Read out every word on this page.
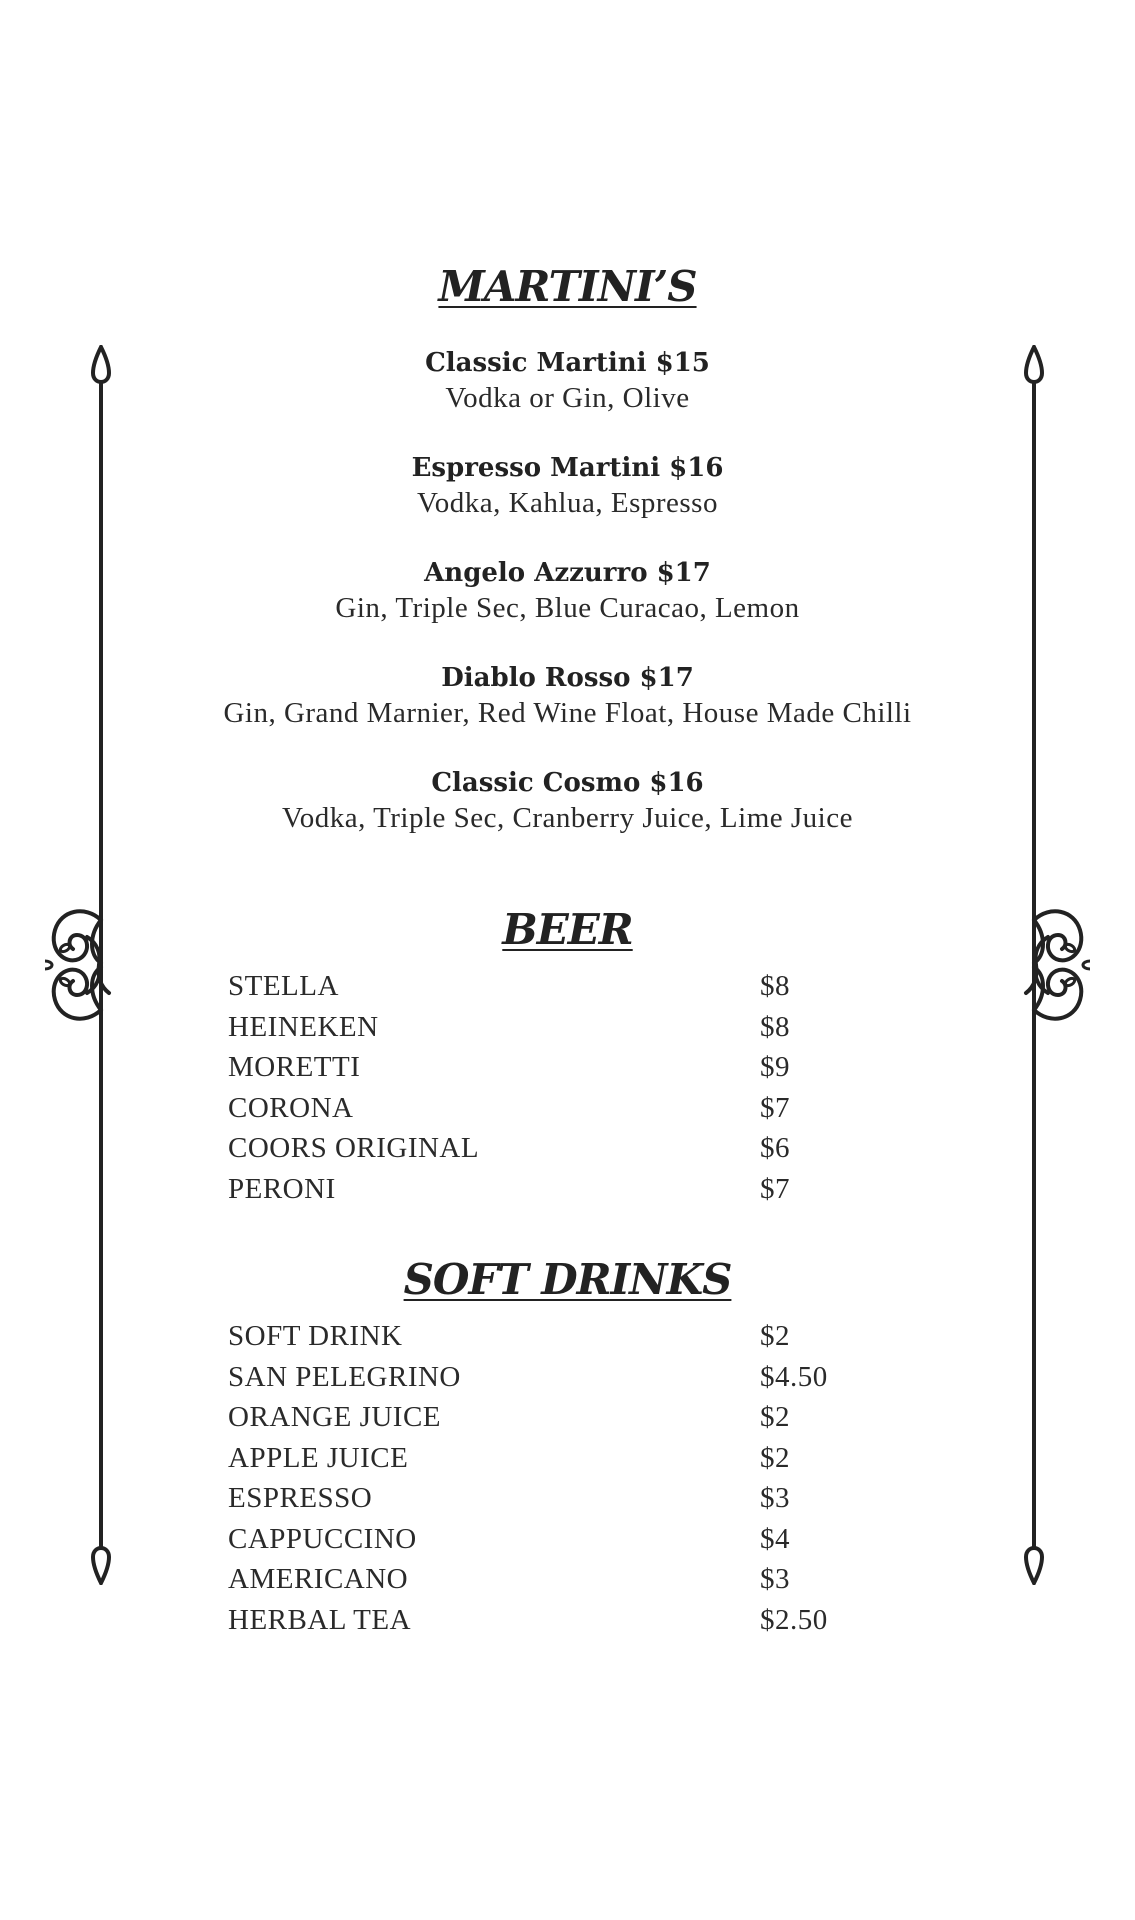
MARTINI’S
Classic Martini $15
Vodka or Gin, Olive
Espresso Martini $16
Vodka, Kahlua, Espresso
Angelo Azzurro $17
Gin, Triple Sec, Blue Curacao, Lemon
Diablo Rosso $17
Gin, Grand Marnier, Red Wine Float, House Made Chilli
Classic Cosmo $16
Vodka, Triple Sec, Cranberry Juice, Lime Juice
BEER
STELLA	$8
HEINEKEN	$8
MORETTI	$9
CORONA	$7
COORS ORIGINAL	$6
PERONI	$7
SOFT DRINKS
SOFT DRINK	$2
SAN PELEGRINO	$4.50
ORANGE JUICE	$2
APPLE JUICE	$2
ESPRESSO	$3
CAPPUCCINO	$4
AMERICANO	$3
HERBAL TEA	$2.50
